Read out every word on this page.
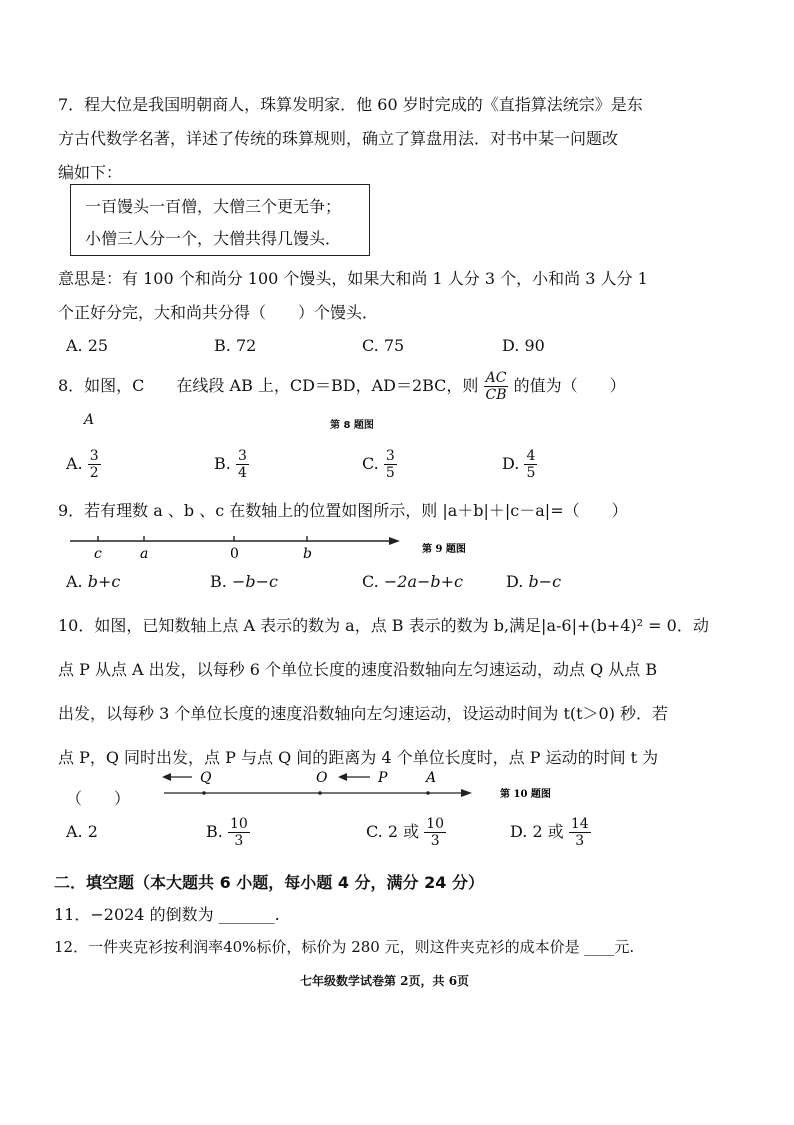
7．程大位是我国明朝商人，珠算发明家．他 60 岁时完成的《直指算法统宗》是东
方古代数学名著，详述了传统的珠算规则，确立了算盘用法．对书中某一问题改
编如下：
一百馒头一百僧，大僧三个更无争；
小僧三人分一个，大僧共得几馒头．
意思是：有 100 个和尚分 100 个馒头，如果大和尚 1 人分 3 个，小和尚 3 人分 1
个正好分完，大和尚共分得（　　）个馒头．
A. 25	B. 72	C. 75	D. 90
8．如图，C　　在线段 AB 上，CD＝BD，AD＝2BC，则 $\frac{AC}{CB}$ 的值为（　　）
A	第 8 题图
A. $\frac{3}{2}$	B. $\frac{3}{4}$	C. $\frac{3}{5}$	D. $\frac{4}{5}$
9．若有理数 a 、b 、c 在数轴上的位置如图所示，则 |a＋b|＋|c－a|=（　　）
c	a	0	b	第 9 题图
A. b+c	B. −b−c	C. −2a−b+c	D. b−c
10．如图，已知数轴上点 A 表示的数为 a，点 B 表示的数为 b,满足|a-6|+(b+4)² = 0．动
点 P 从点 A 出发，以每秒 6 个单位长度的速度沿数轴向左匀速运动，动点 Q 从点 B
出发，以每秒 3 个单位长度的速度沿数轴向左匀速运动，设运动时间为 t(t＞0) 秒．若
点 P，Q 同时出发，点 P 与点 Q 间的距离为 4 个单位长度时，点 P 运动的时间 t 为
（　　）
Q	O	P	A
第 10 题图
A. 2	B. $\frac{10}{3}$	C. 2 或 $\frac{10}{3}$	D. 2 或 $\frac{14}{3}$
二．填空题（本大题共 6 小题，每小题 4 分，满分 24 分）
11．−2024 的倒数为 _______.
12．一件夹克衫按利润率40%标价，标价为 280 元，则这件夹克衫的成本价是 ____元.
七年级数学试卷第 2页，共 6页
